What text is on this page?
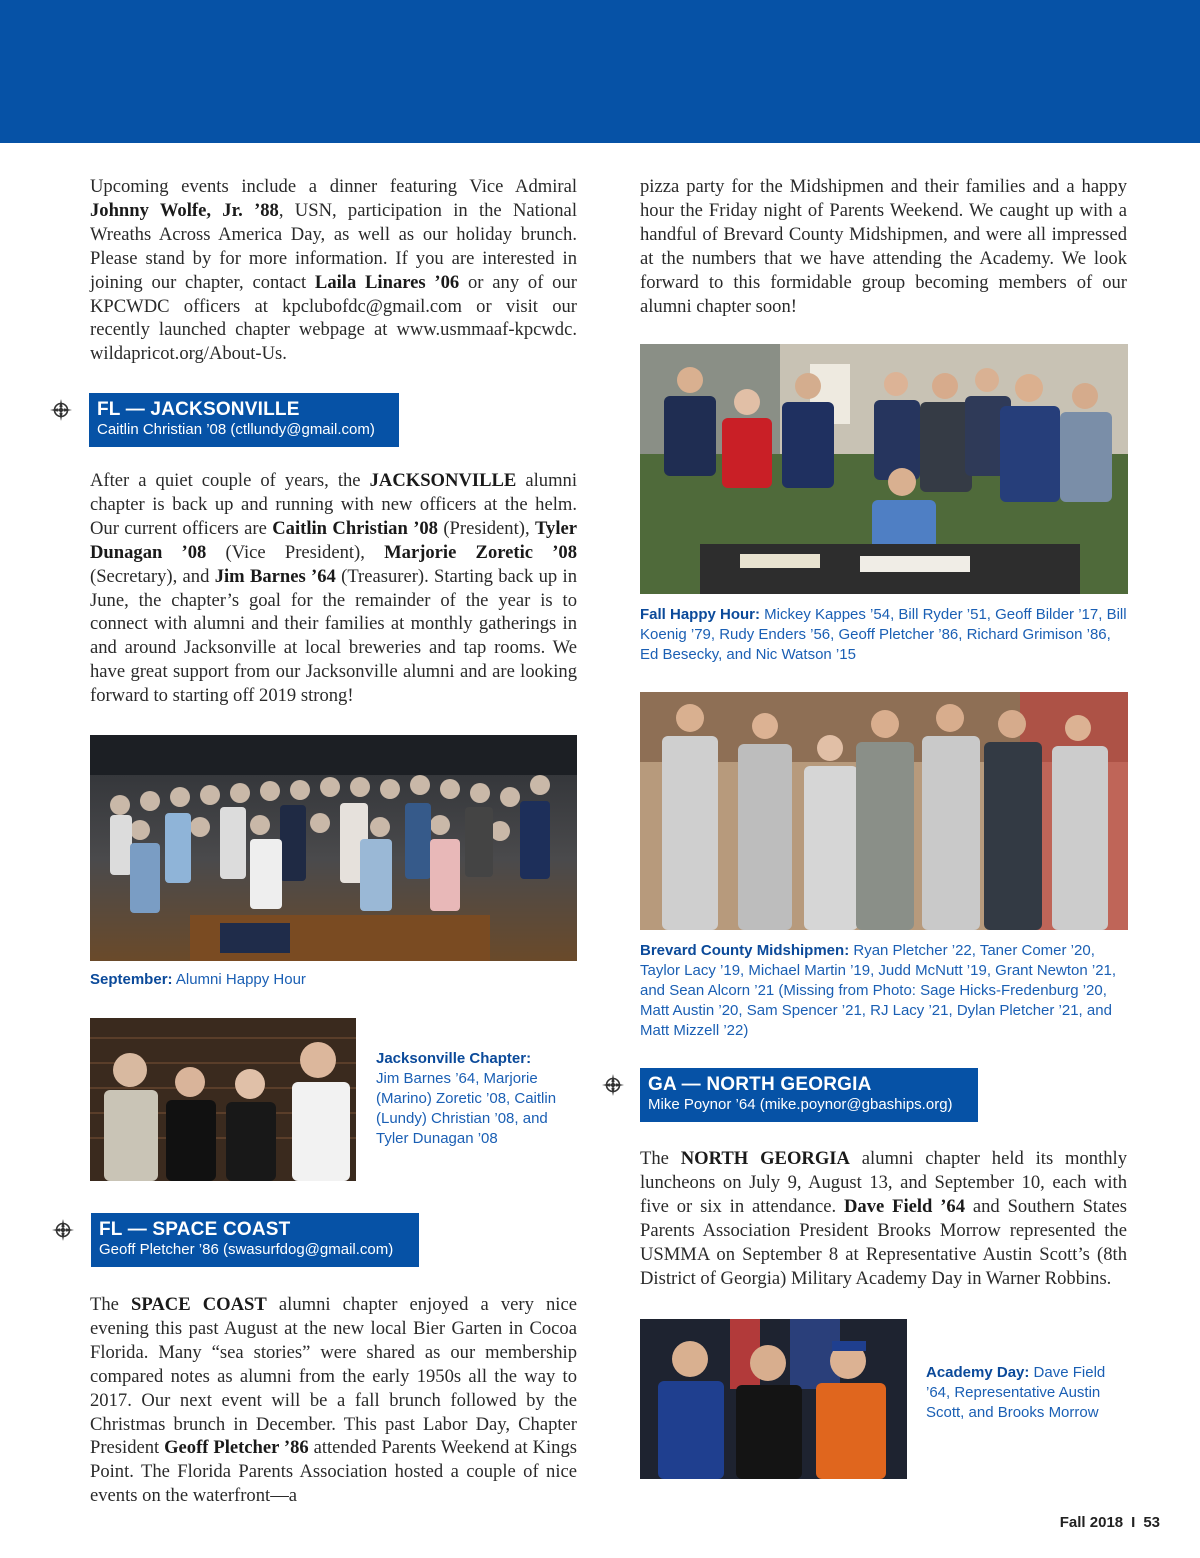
Upcoming events include a dinner featuring Vice Admiral Johnny Wolfe, Jr. ’88, USN, participation in the National Wreaths Across America Day, as well as our holiday brunch. Please stand by for more information. If you are interested in joining our chapter, contact Laila Linares ’06 or any of our KPCWDC officers at kpclubofdc@gmail.com or visit our recently launched chapter webpage at www.usmmaaf-kpcwdc. wildapricot.org/About-Us.
FL — JACKSONVILLE
Caitlin Christian ’08 (ctllundy@gmail.com)
After a quiet couple of years, the JACKSONVILLE alumni chapter is back up and running with new officers at the helm. Our current officers are Caitlin Christian ’08 (President), Tyler Dunagan ’08 (Vice President), Marjorie Zoretic ’08 (Secretary), and Jim Barnes ’64 (Treasurer). Starting back up in June, the chapter’s goal for the remainder of the year is to connect with alumni and their families at monthly gatherings in and around Jacksonville at local breweries and tap rooms. We have great support from our Jacksonville alumni and are looking forward to starting off 2019 strong!
September: Alumni Happy Hour
Jacksonville Chapter:
Jim Barnes ’64, Marjorie (Marino) Zoretic ’08, Caitlin (Lundy) Christian ’08, and Tyler Dunagan ’08
FL — SPACE COAST
Geoff Pletcher ’86 (swasurfdog@gmail.com)
The SPACE COAST alumni chapter enjoyed a very nice evening this past August at the new local Bier Garten in Cocoa Florida. Many “sea stories” were shared as our membership compared notes as alumni from the early 1950s all the way to 2017. Our next event will be a fall brunch followed by the Christmas brunch in December. This past Labor Day, Chapter President Geoff Pletcher ’86 attended Parents Weekend at Kings Point. The Florida Parents Association hosted a couple of nice events on the waterfront—a
pizza party for the Midshipmen and their families and a happy hour the Friday night of Parents Weekend. We caught up with a handful of Brevard County Midshipmen, and were all impressed at the numbers that we have attending the Academy. We look forward to this formidable group becoming members of our alumni chapter soon!
Fall Happy Hour: Mickey Kappes ’54, Bill Ryder ’51, Geoff Bilder ’17, Bill Koenig ’79, Rudy Enders ’56, Geoff Pletcher ’86, Richard Grimison ’86, Ed Besecky, and Nic Watson ’15
Brevard County Midshipmen: Ryan Pletcher ’22, Taner Comer ’20, Taylor Lacy ’19, Michael Martin ’19, Judd McNutt ’19, Grant Newton ’21, and Sean Alcorn ’21 (Missing from Photo: Sage Hicks-Fredenburg ’20, Matt Austin ’20, Sam Spencer ’21, RJ Lacy ’21, Dylan Pletcher ’21, and Matt Mizzell ’22)
GA — NORTH GEORGIA
Mike Poynor ’64 (mike.poynor@gbaships.org)
The NORTH GEORGIA alumni chapter held its monthly luncheons on July 9, August 13, and September 10, each with five or six in attendance. Dave Field ’64 and Southern States Parents Association President Brooks Morrow represented the USMMA on September 8 at Representative Austin Scott’s (8th District of Georgia) Military Academy Day in Warner Robbins.
Academy Day: Dave Field ’64, Representative Austin Scott, and Brooks Morrow
Fall 2018 I 53
